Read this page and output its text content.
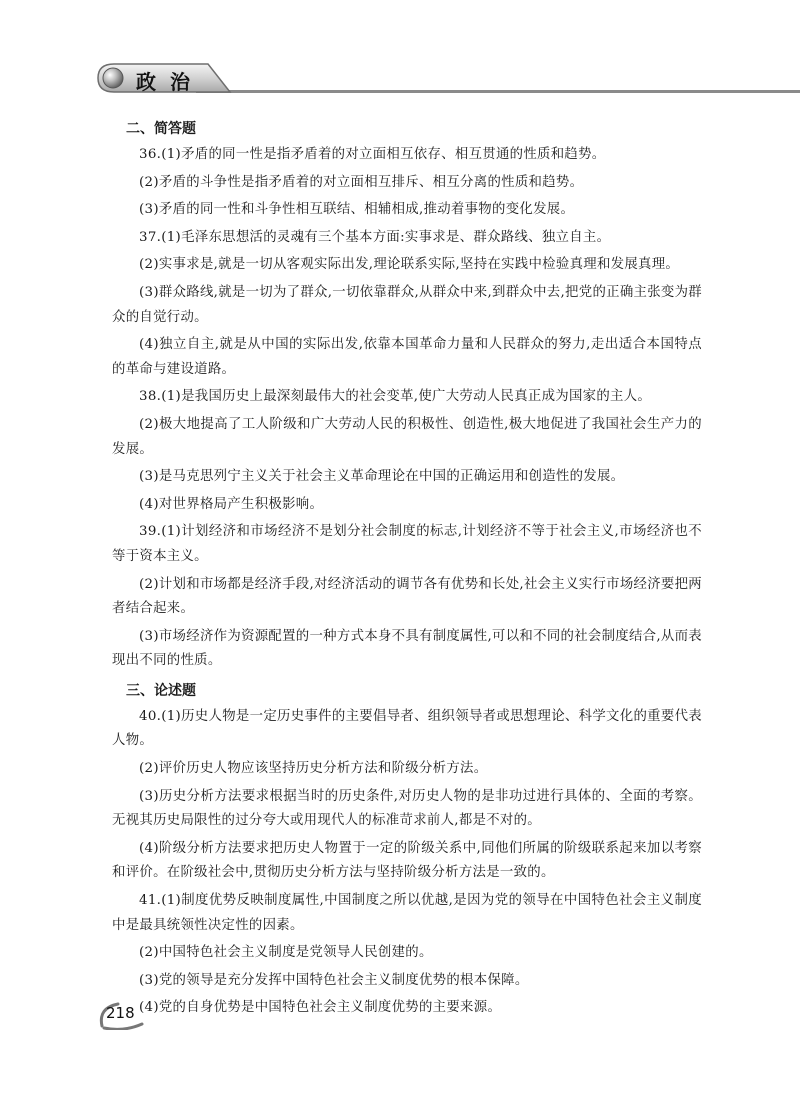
政治
二、简答题

36.(1)矛盾的同一性是指矛盾着的对立面相互依存、相互贯通的性质和趋势。

(2)矛盾的斗争性是指矛盾着的对立面相互排斥、相互分离的性质和趋势。

(3)矛盾的同一性和斗争性相互联结、相辅相成,推动着事物的变化发展。

37.(1)毛泽东思想活的灵魂有三个基本方面:实事求是、群众路线、独立自主。

(2)实事求是,就是一切从客观实际出发,理论联系实际,坚持在实践中检验真理和发展真理。

(3)群众路线,就是一切为了群众,一切依靠群众,从群众中来,到群众中去,把党的正确主张变为群众的自觉行动。

(4)独立自主,就是从中国的实际出发,依靠本国革命力量和人民群众的努力,走出适合本国特点的革命与建设道路。

38.(1)是我国历史上最深刻最伟大的社会变革,使广大劳动人民真正成为国家的主人。

(2)极大地提高了工人阶级和广大劳动人民的积极性、创造性,极大地促进了我国社会生产力的发展。

(3)是马克思列宁主义关于社会主义革命理论在中国的正确运用和创造性的发展。

(4)对世界格局产生积极影响。

39.(1)计划经济和市场经济不是划分社会制度的标志,计划经济不等于社会主义,市场经济也不等于资本主义。

(2)计划和市场都是经济手段,对经济活动的调节各有优势和长处,社会主义实行市场经济要把两者结合起来。

(3)市场经济作为资源配置的一种方式本身不具有制度属性,可以和不同的社会制度结合,从而表现出不同的性质。

三、论述题

40.(1)历史人物是一定历史事件的主要倡导者、组织领导者或思想理论、科学文化的重要代表人物。

(2)评价历史人物应该坚持历史分析方法和阶级分析方法。

(3)历史分析方法要求根据当时的历史条件,对历史人物的是非功过进行具体的、全面的考察。无视其历史局限性的过分夸大或用现代人的标准苛求前人,都是不对的。

(4)阶级分析方法要求把历史人物置于一定的阶级关系中,同他们所属的阶级联系起来加以考察和评价。在阶级社会中,贯彻历史分析方法与坚持阶级分析方法是一致的。

41.(1)制度优势反映制度属性,中国制度之所以优越,是因为党的领导在中国特色社会主义制度中是最具统领性决定性的因素。

(2)中国特色社会主义制度是党领导人民创建的。

(3)党的领导是充分发挥中国特色社会主义制度优势的根本保障。

(4)党的自身优势是中国特色社会主义制度优势的主要来源。

218
